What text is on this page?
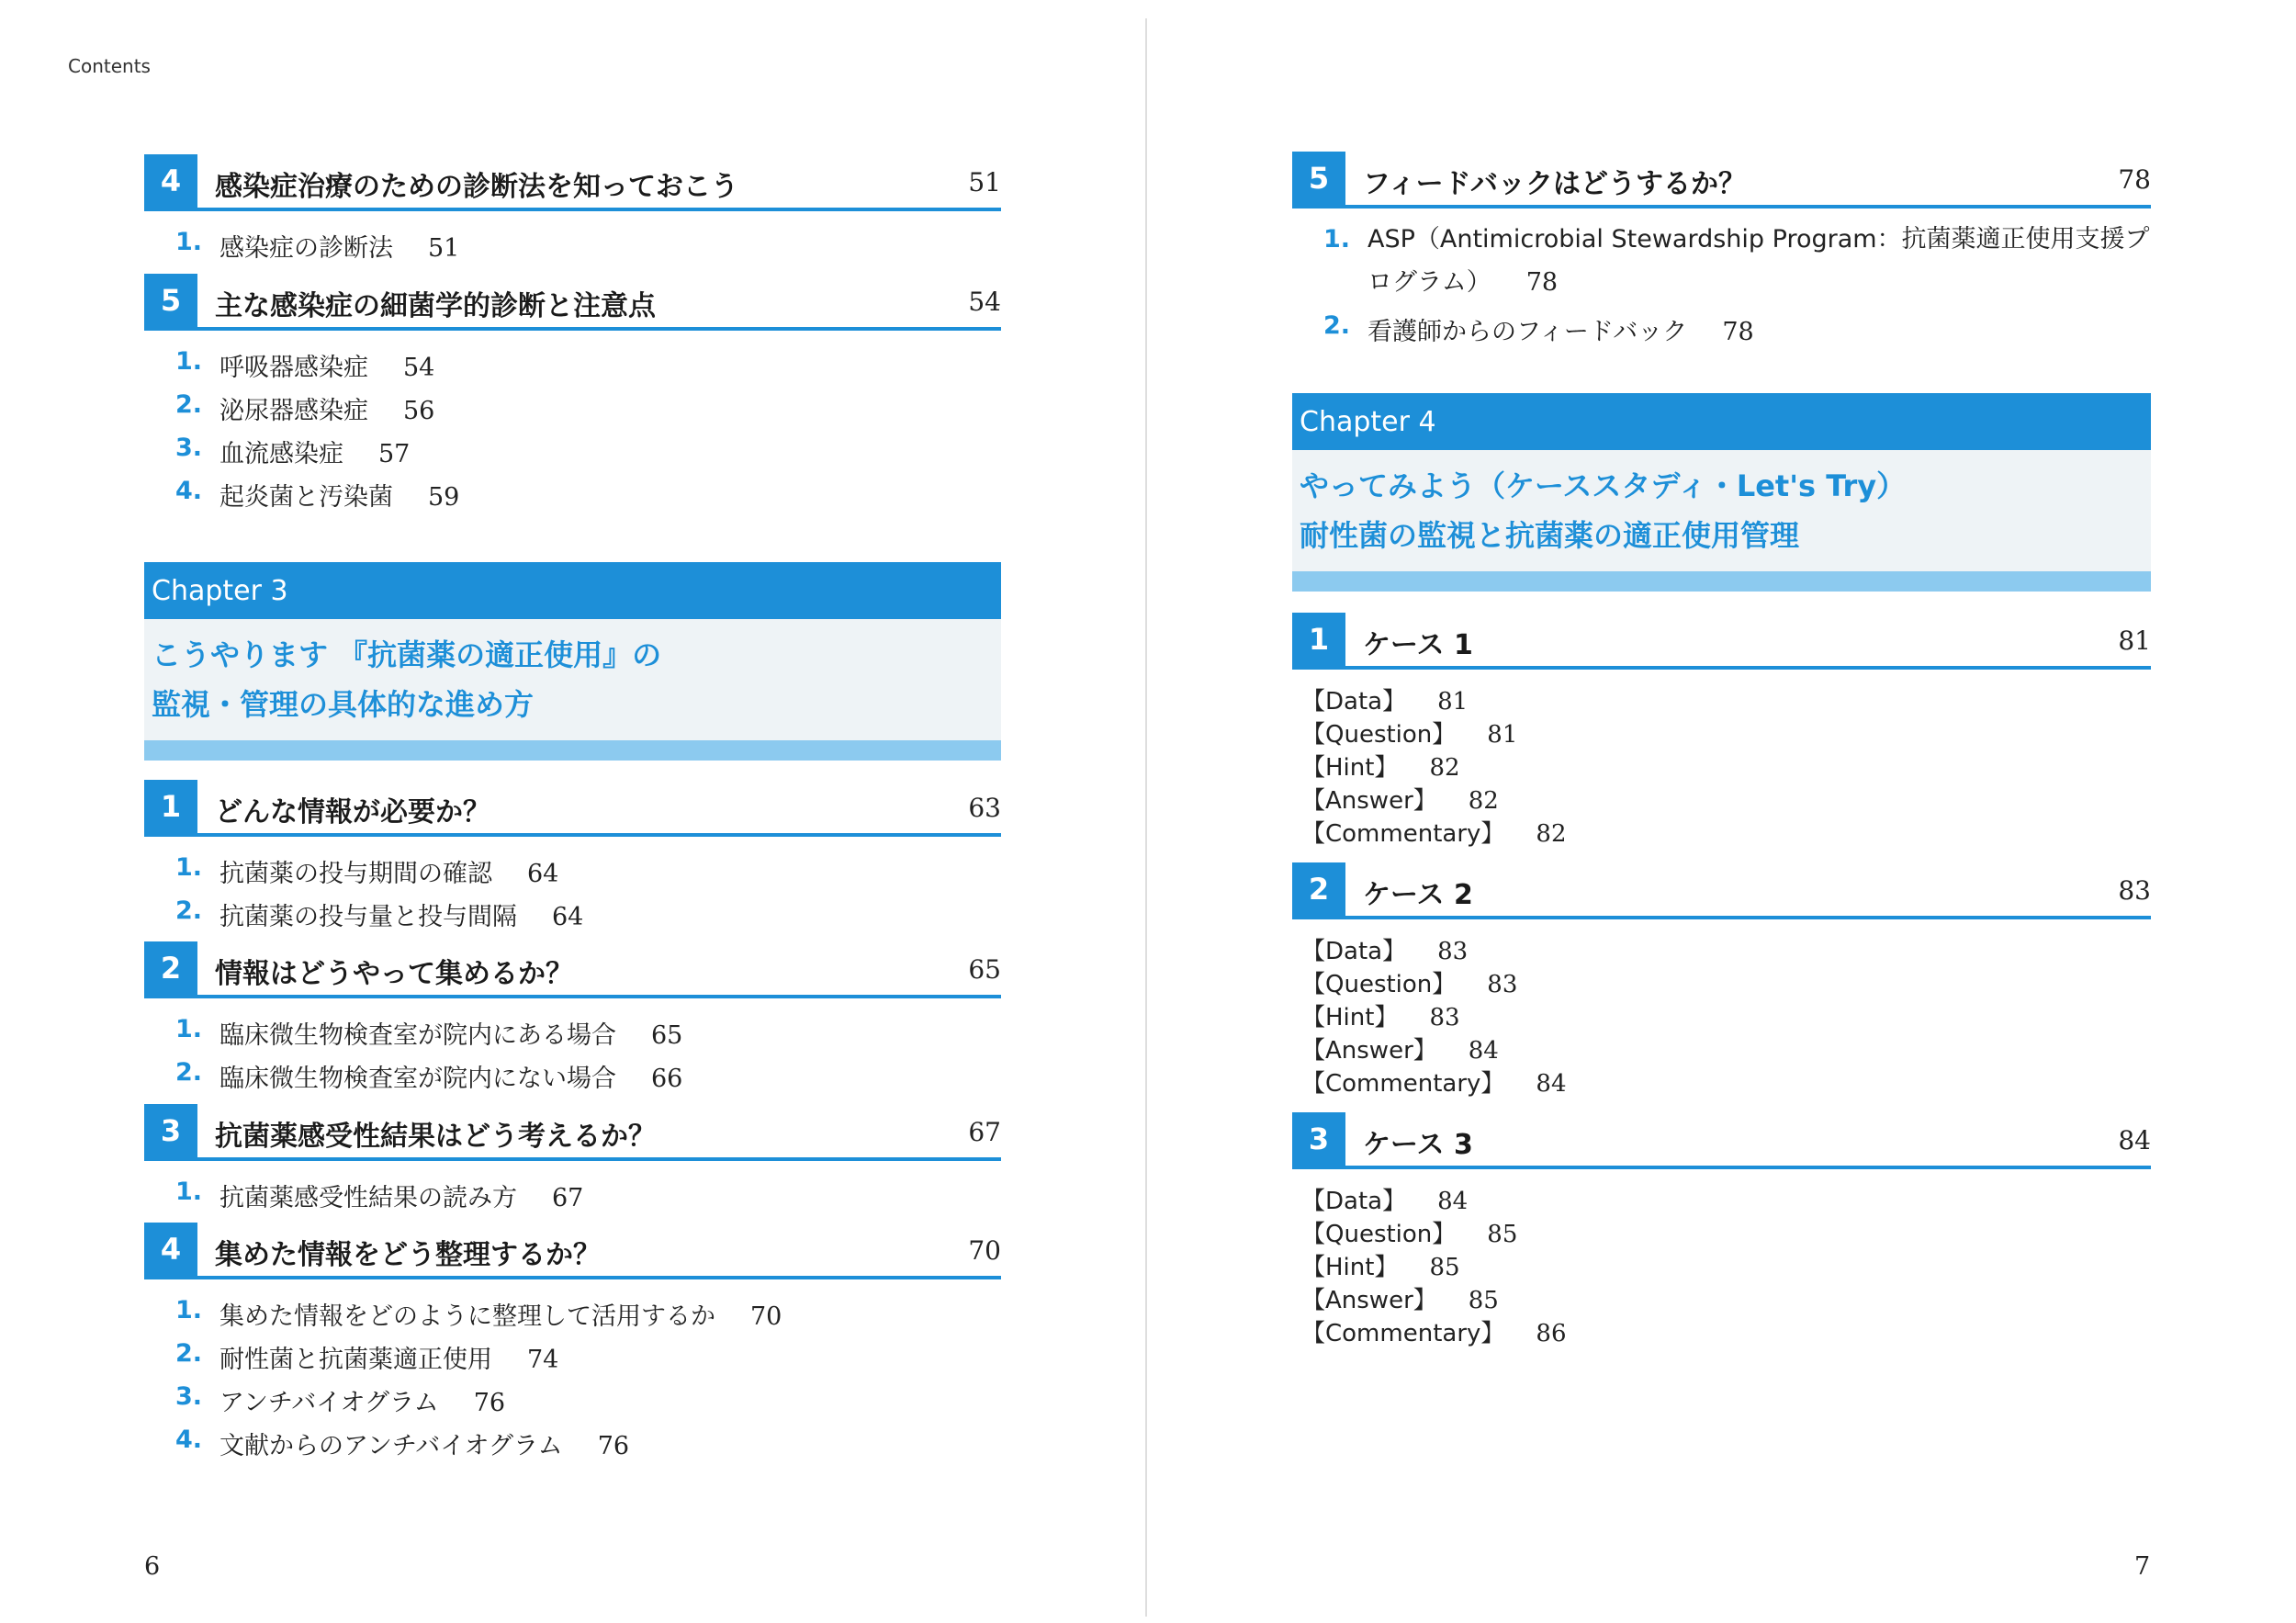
Contents
4	感染症治療のための診断法を知っておこう	51
1. 感染症の診断法 51
5	主な感染症の細菌学的診断と注意点	54
1. 呼吸器感染症 54
2. 泌尿器感染症 56
3. 血流感染症 57
4. 起炎菌と汚染菌 59
Chapter 3
こうやります 『抗菌薬の適正使用』の
監視・管理の具体的な進め方
1	どんな情報が必要か？	63
1. 抗菌薬の投与期間の確認 64
2. 抗菌薬の投与量と投与間隔 64
2	情報はどうやって集めるか？	65
1. 臨床微生物検査室が院内にある場合 65
2. 臨床微生物検査室が院内にない場合 66
3	抗菌薬感受性結果はどう考えるか？	67
1. 抗菌薬感受性結果の読み方 67
4	集めた情報をどう整理するか？	70
1. 集めた情報をどのように整理して活用するか 70
2. 耐性菌と抗菌薬適正使用 74
3. アンチバイオグラム 76
4. 文献からのアンチバイオグラム 76
6
5	フィードバックはどうするか？	78
1. ASP（Antimicrobial Stewardship Program：抗菌薬適正使用支援プログラム） 78
2. 看護師からのフィードバック 78
Chapter 4
やってみよう（ケーススタディ・Let's Try）
耐性菌の監視と抗菌薬の適正使用管理
1	ケース 1	81
【Data】 81
【Question】 81
【Hint】 82
【Answer】 82
【Commentary】 82
2	ケース 2	83
【Data】 83
【Question】 83
【Hint】 83
【Answer】 84
【Commentary】 84
3	ケース 3	84
【Data】 84
【Question】 85
【Hint】 85
【Answer】 85
【Commentary】 86
7
